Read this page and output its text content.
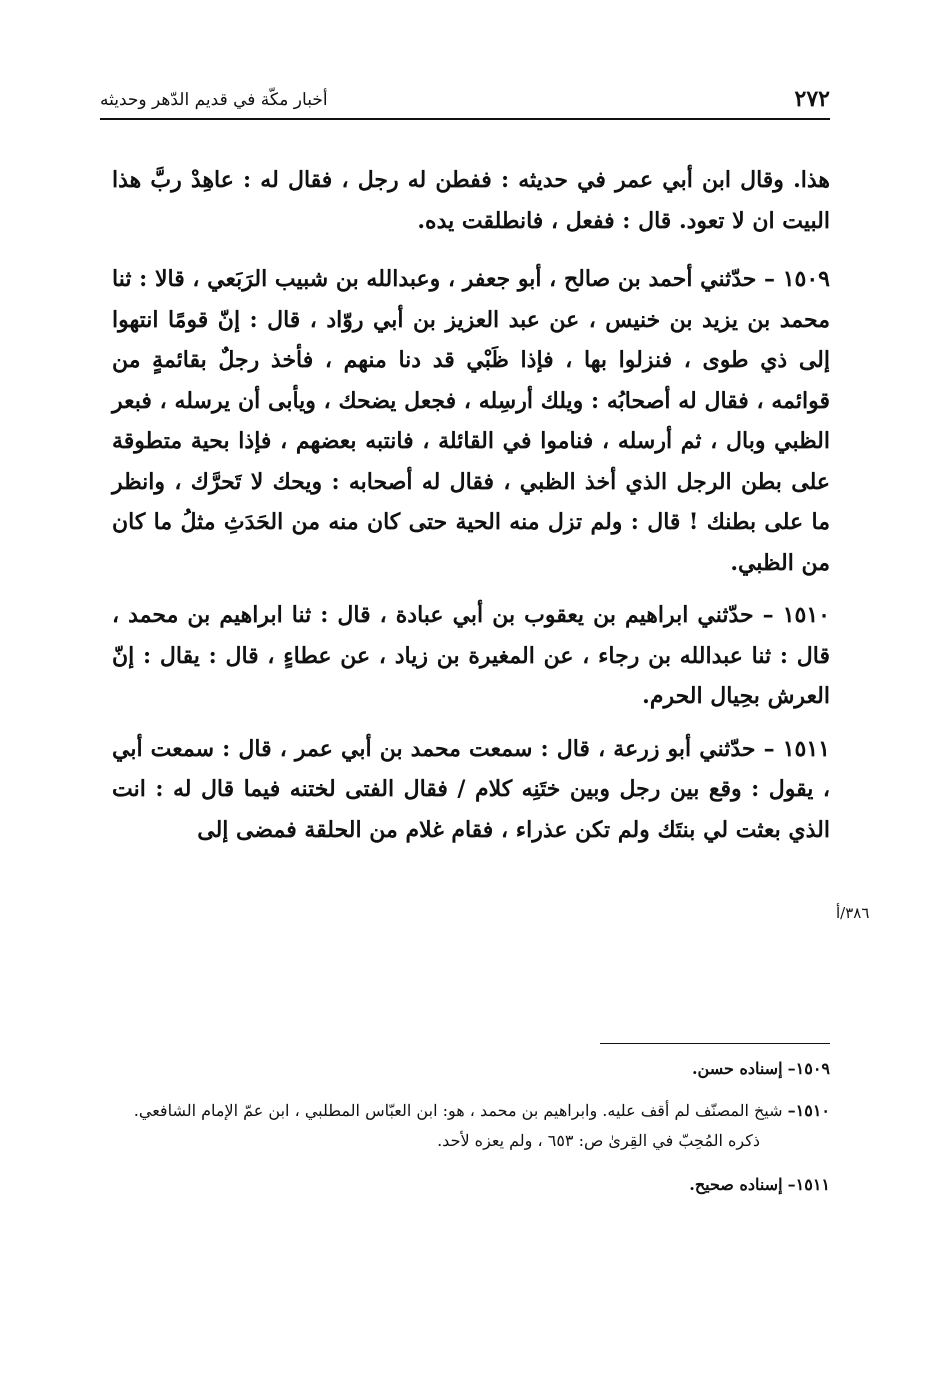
٢٧٢
أخبار مكّة في قديم الدّهر وحديثه

هذا. وقال ابن أبي عمر في حديثه : ففطن له رجل ، فقال له : عاهِدْ ربَّ هذا البيت ان لا تعود. قال : ففعل ، فانطلقت يده.

١٥٠٩ – حدّثني أحمد بن صالح ، أبو جعفر ، وعبدالله بن شبيب الرَبَعي ، قالا : ثنا محمد بن يزيد بن خنيس ، عن عبد العزيز بن أبي روّاد ، قال : إنّ قومًا انتهوا إلى ذي طوى ، فنزلوا بها ، فإذا ظَبْي قد دنا منهم ، فأخذ رجلٌ بقائمةٍ من قوائمه ، فقال له أصحابُه : ويلك أرسِله ، فجعل يضحك ، ويأبى أن يرسله ، فبعر الظبي وبال ، ثم أرسله ، فناموا في القائلة ، فانتبه بعضهم ، فإذا بحية متطوقة على بطن الرجل الذي أخذ الظبي ، فقال له أصحابه : ويحك لا تَحرَّك ، وانظر ما على بطنك ! قال : ولم تزل منه الحية حتى كان منه من الحَدَثِ مثلُ ما كان من الظبي.

١٥١٠ – حدّثني ابراهيم بن يعقوب بن أبي عبادة ، قال : ثنا ابراهيم بن محمد ، قال : ثنا عبدالله بن رجاء ، عن المغيرة بن زياد ، عن عطاءٍ ، قال : يقال : إنّ العرش بحِيال الحرم.

١٥١١ – حدّثني أبو زرعة ، قال : سمعت محمد بن أبي عمر ، قال : سمعت أبي ، يقول : وقع بين رجل وبين ختَنِه كلام / فقال الفتى لختنه فيما قال له : انت الذي بعثت لي بنتَك ولم تكن عذراء ، فقام غلام من الحلقة فمضى إلى

٣٨٦/أ

١٥٠٩– إسناده حسن.

١٥١٠– شيخ المصنّف لم أقف عليه. وابراهيم بن محمد ، هو: ابن العبّاس المطلبي ، ابن عمّ الإمام الشافعي.

ذكره المُحِبّ في القِرىٰ ص: ٦٥٣ ، ولم يعزه لأحد.

١٥١١– إسناده صحيح.
